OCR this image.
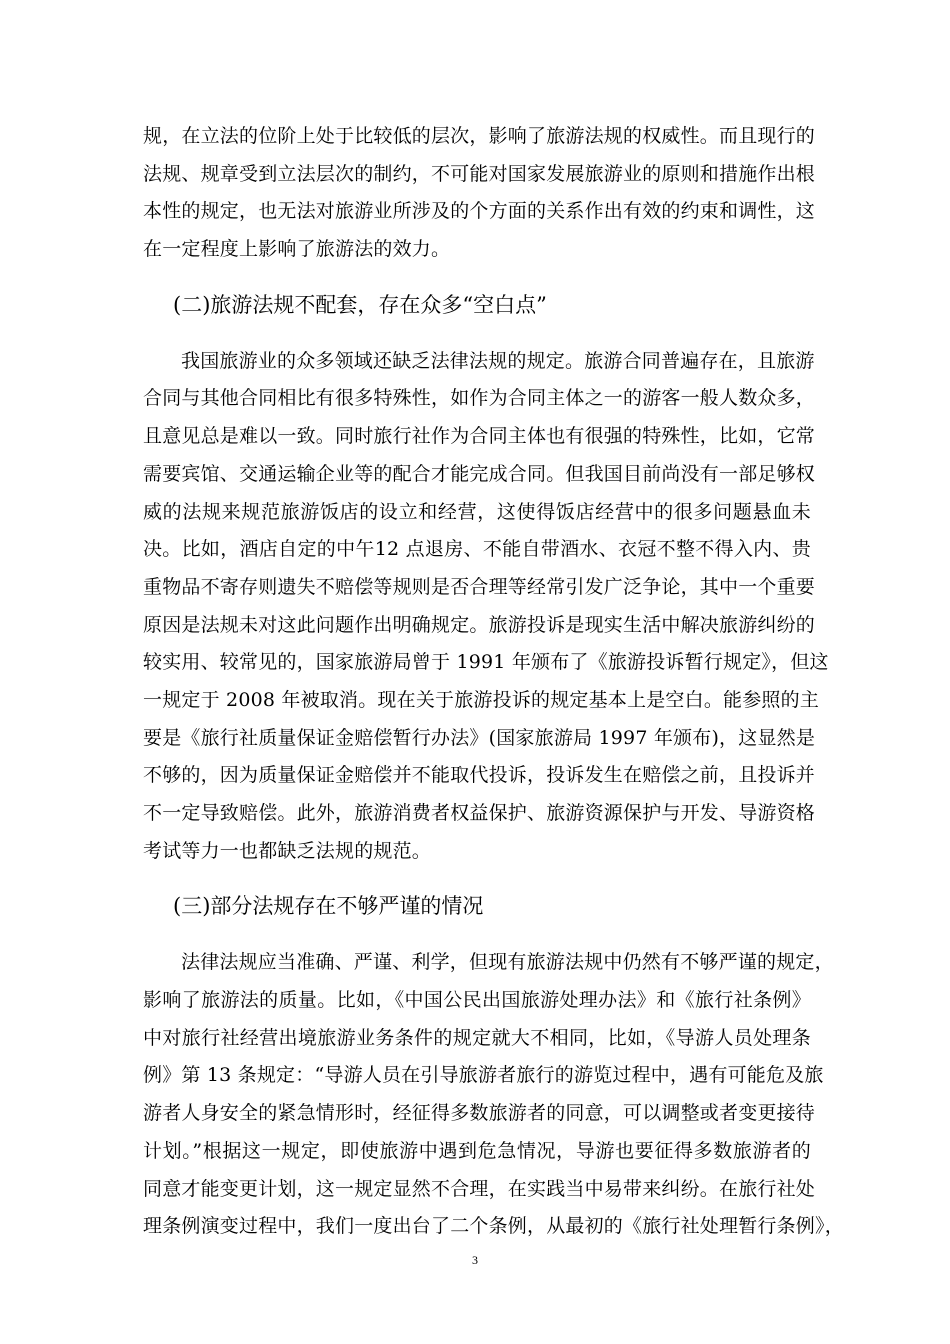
规，在立法的位阶上处于比较低的层次，影响了旅游法规的权威性。而且现行的
法规、规章受到立法层次的制约，不可能对国家发展旅游业的原则和措施作出根
本性的规定，也无法对旅游业所涉及的个方面的关系作出有效的约束和调性，这
在一定程度上影响了旅游法的效力。
(二)旅游法规不配套，存在众多“空白点”
我国旅游业的众多领域还缺乏法律法规的规定。旅游合同普遍存在，且旅游
合同与其他合同相比有很多特殊性，如作为合同主体之一的游客一般人数众多，
且意见总是难以一致。同时旅行社作为合同主体也有很强的特殊性，比如，它常
需要宾馆、交通运输企业等的配合才能完成合同。但我国目前尚没有一部足够权
威的法规来规范旅游饭店的设立和经营，这使得饭店经营中的很多问题悬血未
决。比如，酒店自定的中午12 点退房、不能自带酒水、衣冠不整不得入内、贵
重物品不寄存则遗失不赔偿等规则是否合理等经常引发广泛争论，其中一个重要
原因是法规未对这此问题作出明确规定。旅游投诉是现实生活中解决旅游纠纷的
较实用、较常见的，国家旅游局曾于 1991 年颁布了《旅游投诉暂行规定》，但这
一规定于 2008 年被取消。现在关于旅游投诉的规定基本上是空白。能参照的主
要是《旅行社质量保证金赔偿暂行办法》(国家旅游局 1997 年颁布)，这显然是
不够的，因为质量保证金赔偿并不能取代投诉，投诉发生在赔偿之前，且投诉并
不一定导致赔偿。此外，旅游消费者权益保护、旅游资源保护与开发、导游资格
考试等力一也都缺乏法规的规范。
(三)部分法规存在不够严谨的情况
法律法规应当准确、严谨、利学，但现有旅游法规中仍然有不够严谨的规定，
影响了旅游法的质量。比如，《中国公民出国旅游处理办法》和《旅行社条例》
中对旅行社经营出境旅游业务条件的规定就大不相同，比如，《导游人员处理条
例》第 13 条规定：“导游人员在引导旅游者旅行的游览过程中，遇有可能危及旅
游者人身安全的紧急情形时，经征得多数旅游者的同意，可以调整或者变更接待
计划。”根据这一规定，即使旅游中遇到危急情况，导游也要征得多数旅游者的
同意才能变更计划，这一规定显然不合理，在实践当中易带来纠纷。在旅行社处
理条例演变过程中，我们一度出台了二个条例，从最初的《旅行社处理暂行条例》，
3
